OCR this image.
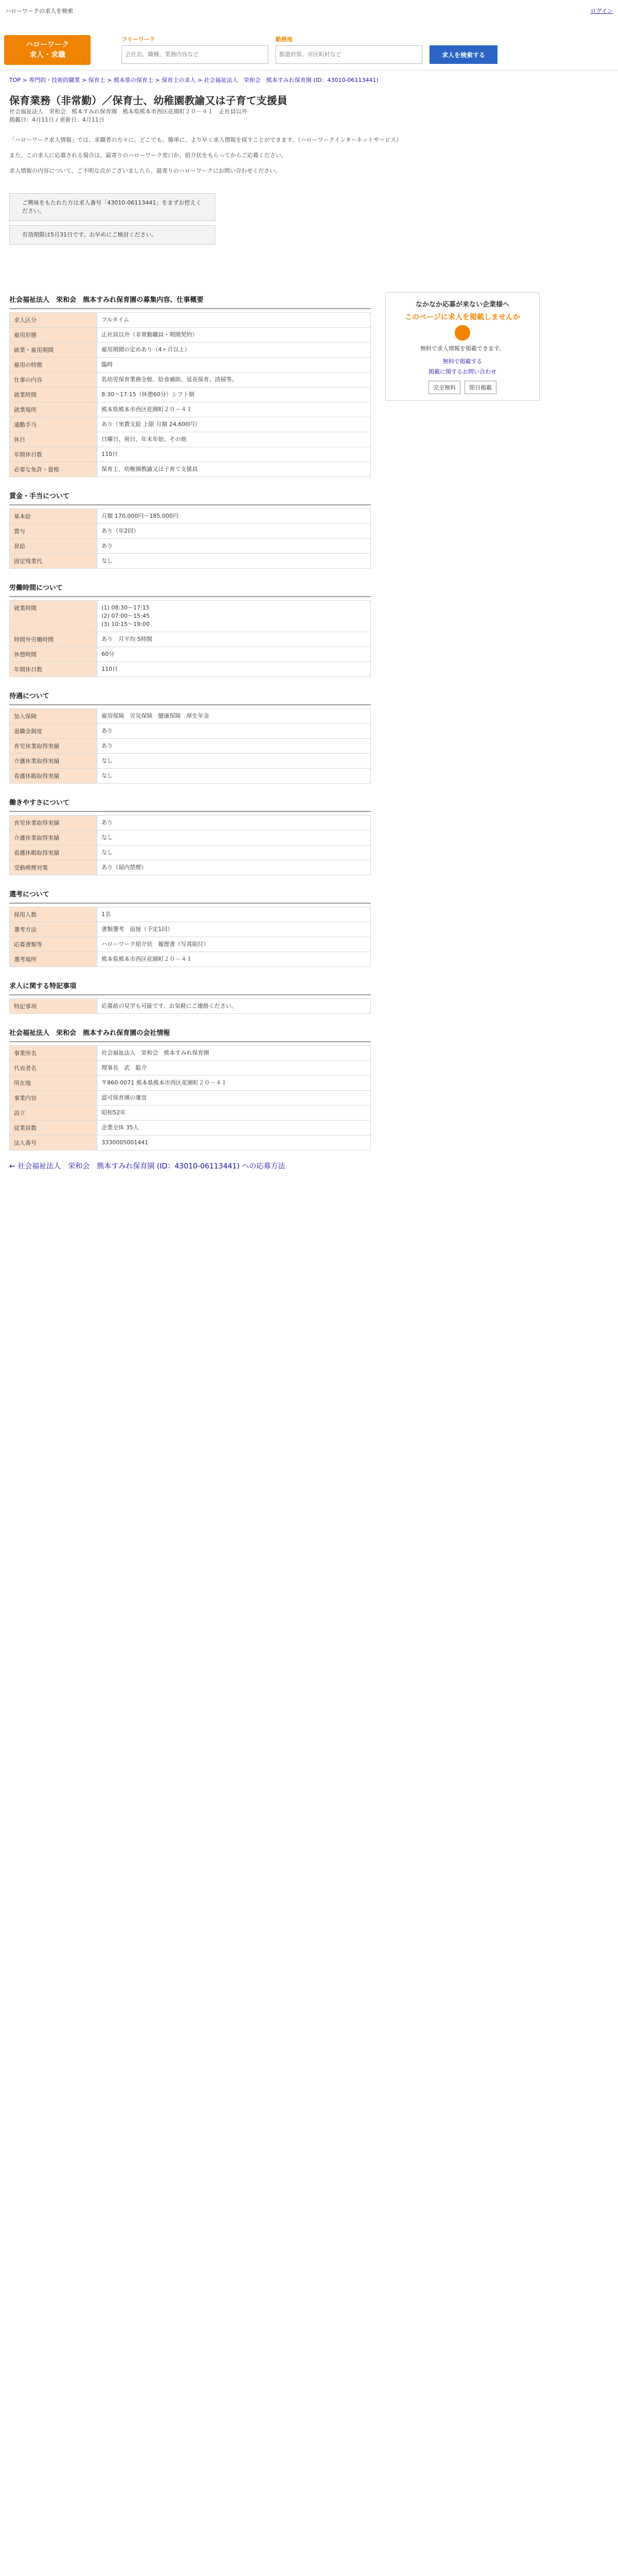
ハローワークの求人を検索	ログイン
ハローワーク
求人・求職
フリーワード
会社名、職種、業務内容など	勤務地
都道府県、市区町村など
求人を検索する
TOP > 専門的・技術的職業 > 保育士 > 熊本県の保育士 > 保育士の求人 > 社会福祉法人　栄和会　熊本すみれ保育園 (ID：43010-06113441)
保育業務（非常勤）／保育士、幼稚園教諭又は子育て支援員
社会福祉法人　栄和会　熊本すみれ保育園　熊本県熊本市西区花園町２０－４１　正社員以外
掲載日：4月11日 / 更新日：4月11日

「ハローワーク求人情報」では、求職者の方々に、どこでも、簡単に、より早く求人情報を探すことができます。（ハローワークインターネットサービス）

また、この求人に応募される場合は、最寄りのハローワーク窓口か、紹介状をもらってからご応募ください。

求人情報の内容について、ご不明な点がございましたら、最寄りのハローワークにお問い合わせください。

ご興味をもたれた方は求人番号「43010-06113441」をまずお控えください。

有効期限は5月31日です。お早めにご検討ください。

社会福祉法人　栄和会　熊本すみれ保育園の募集内容、仕事概要
求人区分	フルタイム
雇用形態	正社員以外（非常勤職員・期間契約）
就業・雇用期間	雇用期間の定めあり（4ヶ月以上）
雇用の特徴	臨時
仕事の内容	乳幼児保育業務全般。給食補助、延長保育、清掃等。
就業時間	8:30〜17:15（休憩60分）シフト制
就業場所	熊本県熊本市西区花園町２０－４１
通勤手当	あり（実費支給 上限 月額 24,600円）
休日	日曜日、祝日、年末年始、その他
年間休日数	110日
必要な免許・資格	保育士、幼稚園教諭又は子育て支援員
賃金・手当について
基本給	月額 170,000円〜185,000円
賞与	あり（年2回）
昇給	あり
固定残業代	なし
労働時間について
就業時間	(1) 08:30〜17:15
(2) 07:00〜15:45
(3) 10:15〜19:00
時間外労働時間	あり　月平均 5時間
休憩時間	60分
年間休日数	110日
待遇について
加入保険	雇用保険　労災保険　健康保険　厚生年金
退職金制度	あり
育児休業取得実績	あり
介護休業取得実績	なし
看護休暇取得実績	なし
働きやすさについて
育児休業取得実績	あり
介護休業取得実績	なし
看護休暇取得実績	なし
受動喫煙対策	あり（屋内禁煙）
選考について
採用人数	1名
選考方法	書類選考　面接（予定1回）
応募書類等	ハローワーク紹介状　履歴書（写真貼付）
選考場所	熊本県熊本市西区花園町２０－４１
求人に関する特記事項
特記事項	応募前の見学も可能です。お気軽にご連絡ください。
社会福祉法人　栄和会　熊本すみれ保育園の会社情報
事業所名	社会福祉法人　栄和会　熊本すみれ保育園
代表者名	理事長　武　聡介
所在地	〒860-0071 熊本県熊本市西区花園町２０－４１
事業内容	認可保育園の運営
設立	昭和52年
従業員数	企業全体 35人
法人番号	3330005001441
なかなか応募が来ない企業様へ
このページに求人を掲載しませんか

無料で求人情報を掲載できます。

無料で掲載する
掲載に関するお問い合わせ
完全無料	即日掲載
← 社会福祉法人　栄和会　熊本すみれ保育園 (ID：43010-06113441) への応募方法
